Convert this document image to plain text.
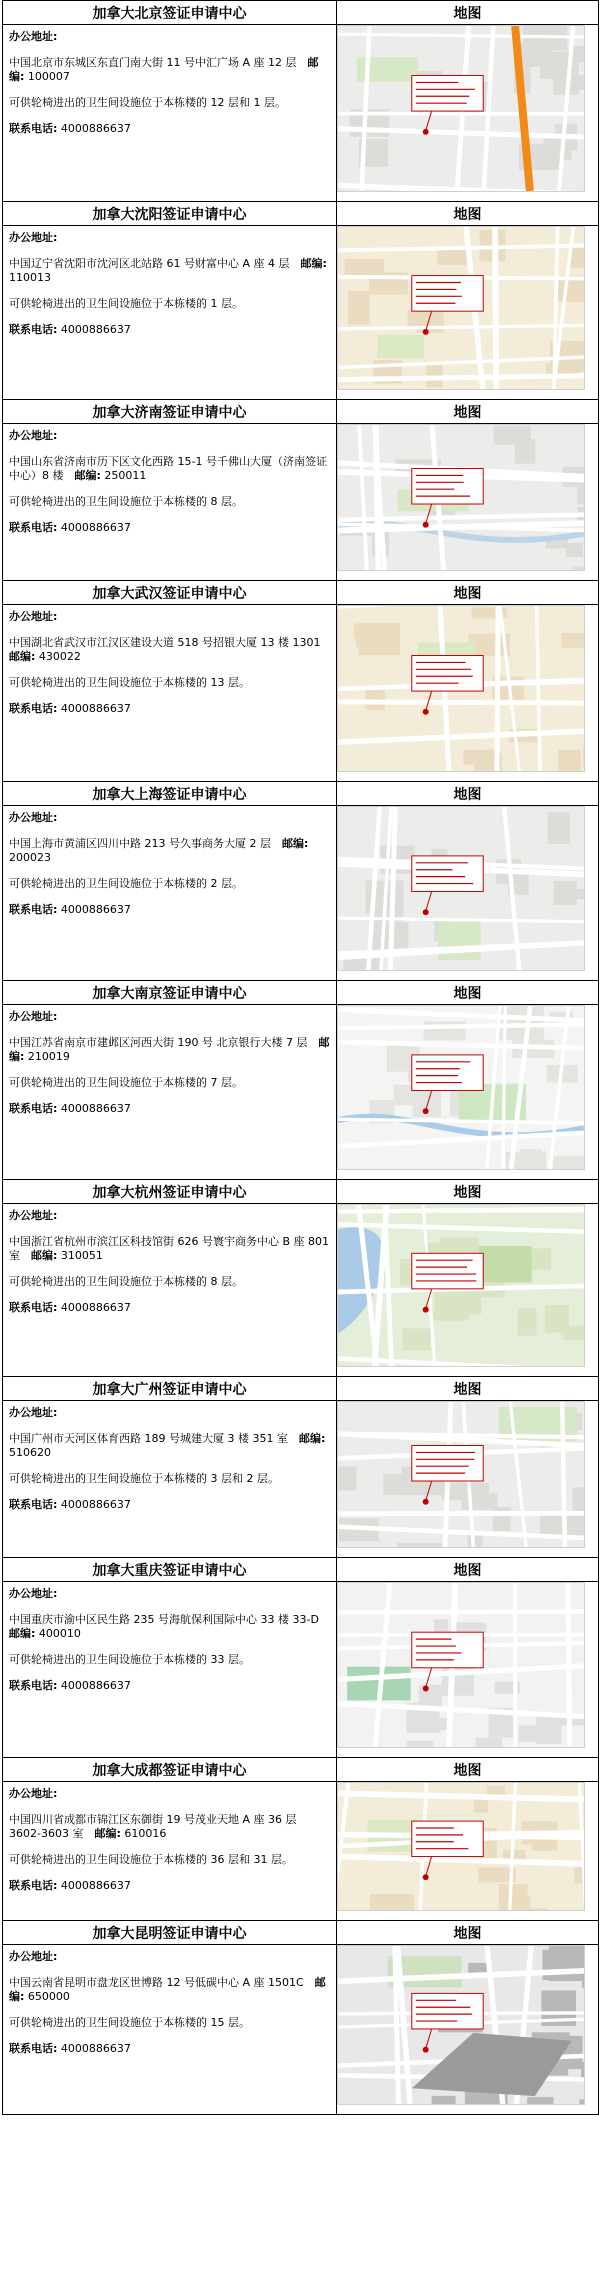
加拿大北京签证申请中心	地图

办公地址:
中国北京市东城区东直门南大街 11 号中汇广场 A 座 12 层　 邮编: 100007
可供轮椅进出的卫生间设施位于本栋楼的 12 层和 1 层。
联系电话: 4000886637

加拿大沈阳签证申请中心	地图

办公地址:
中国辽宁省沈阳市沈河区北站路 61 号财富中心 A 座 4 层　 邮编: 110013
可供轮椅进出的卫生间设施位于本栋楼的 1 层。
联系电话: 4000886637

加拿大济南签证申请中心	地图

办公地址:
中国山东省济南市历下区文化西路 15-1 号千佛山大厦（济南签证中心）8 楼　 邮编: 250011
可供轮椅进出的卫生间设施位于本栋楼的 8 层。
联系电话: 4000886637

加拿大武汉签证申请中心	地图

办公地址:
中国湖北省武汉市江汉区建设大道 518 号招银大厦 13 楼 1301　邮编: 430022
可供轮椅进出的卫生间设施位于本栋楼的 13 层。
联系电话: 4000886637

加拿大上海签证申请中心	地图

办公地址:
中国上海市黄浦区四川中路 213 号久事商务大厦 2 层　 邮编: 200023
可供轮椅进出的卫生间设施位于本栋楼的 2 层。
联系电话: 4000886637

加拿大南京签证申请中心	地图

办公地址:
中国江苏省南京市建邺区河西大街 190 号 北京银行大楼 7 层　 邮编: 210019
可供轮椅进出的卫生间设施位于本栋楼的 7 层。
联系电话: 4000886637

加拿大杭州签证申请中心	地图

办公地址:
中国浙江省杭州市滨江区科技馆街 626 号寰宇商务中心 B 座 801 室　 邮编: 310051
可供轮椅进出的卫生间设施位于本栋楼的 8 层。
联系电话: 4000886637

加拿大广州签证申请中心	地图

办公地址:
中国广州市天河区体育西路 189 号城建大厦 3 楼 351 室　 邮编: 510620
可供轮椅进出的卫生间设施位于本栋楼的 3 层和 2 层。
联系电话: 4000886637

加拿大重庆签证申请中心	地图

办公地址:
中国重庆市渝中区民生路 235 号海航保利国际中心 33 楼 33-D　邮编: 400010
可供轮椅进出的卫生间设施位于本栋楼的 33 层。
联系电话: 4000886637

加拿大成都签证申请中心	地图

办公地址:
中国四川省成都市锦江区东御街 19 号茂业天地 A 座 36 层 3602-3603 室　 邮编: 610016
可供轮椅进出的卫生间设施位于本栋楼的 36 层和 31 层。
联系电话: 4000886637

加拿大昆明签证申请中心	地图

办公地址:
中国云南省昆明市盘龙区世博路 12 号低碳中心 A 座 1501C　 邮编: 650000
可供轮椅进出的卫生间设施位于本栋楼的 15 层。
联系电话: 4000886637
